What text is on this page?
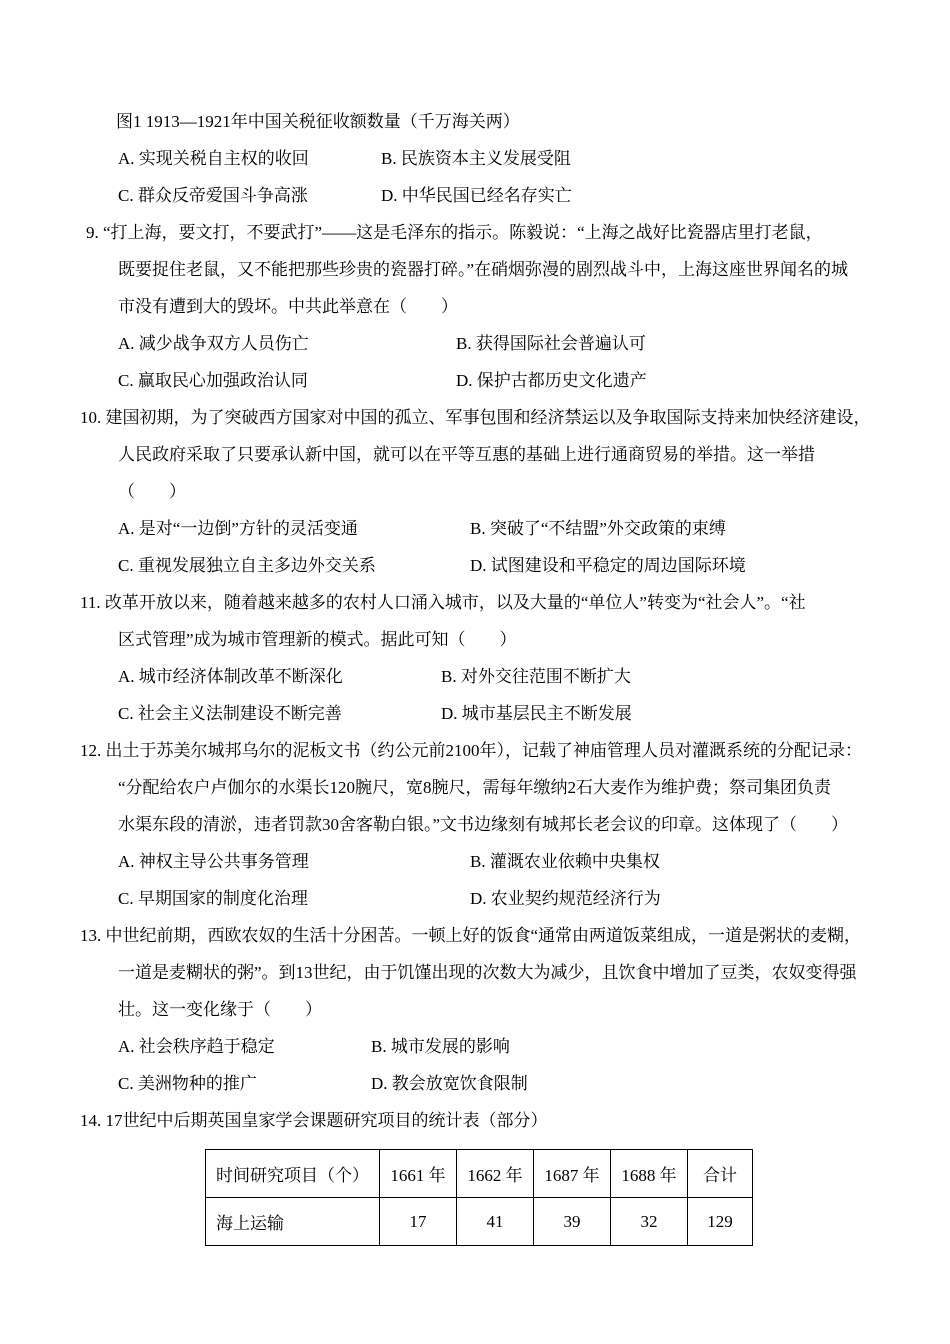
图1 1913—1921年中国关税征收额数量（千万海关两）
A. 实现关税自主权的收回	B. 民族资本主义发展受阻
C. 群众反帝爱国斗争高涨	D. 中华民国已经名存实亡
9. “打上海，要文打，不要武打”——这是毛泽东的指示。陈毅说：“上海之战好比瓷器店里打老鼠，
既要捉住老鼠，又不能把那些珍贵的瓷器打碎。”在硝烟弥漫的剧烈战斗中，上海这座世界闻名的城
市没有遭到大的毁坏。中共此举意在（　　）
A. 减少战争双方人员伤亡	B. 获得国际社会普遍认可
C. 赢取民心加强政治认同	D. 保护古都历史文化遗产
10. 建国初期，为了突破西方国家对中国的孤立、军事包围和经济禁运以及争取国际支持来加快经济建设，
人民政府采取了只要承认新中国，就可以在平等互惠的基础上进行通商贸易的举措。这一举措
（　　）
A. 是对“一边倒”方针的灵活变通	B. 突破了“不结盟”外交政策的束缚
C. 重视发展独立自主多边外交关系	D. 试图建设和平稳定的周边国际环境
11. 改革开放以来，随着越来越多的农村人口涌入城市，以及大量的“单位人”转变为“社会人”。“社
区式管理”成为城市管理新的模式。据此可知（　　）
A. 城市经济体制改革不断深化	B. 对外交往范围不断扩大
C. 社会主义法制建设不断完善	D. 城市基层民主不断发展
12. 出土于苏美尔城邦乌尔的泥板文书（约公元前2100年），记载了神庙管理人员对灌溉系统的分配记录：
“分配给农户卢伽尔的水渠长120腕尺，宽8腕尺，需每年缴纳2石大麦作为维护费；祭司集团负责
水渠东段的清淤，违者罚款30舍客勒白银。”文书边缘刻有城邦长老会议的印章。这体现了（　　）
A. 神权主导公共事务管理	B. 灌溉农业依赖中央集权
C. 早期国家的制度化治理	D. 农业契约规范经济行为
13. 中世纪前期，西欧农奴的生活十分困苦。一顿上好的饭食“通常由两道饭菜组成，一道是粥状的麦糊，
一道是麦糊状的粥”。到13世纪，由于饥馑出现的次数大为减少，且饮食中增加了豆类，农奴变得强
壮。这一变化缘于（　　）
A. 社会秩序趋于稳定	B. 城市发展的影响
C. 美洲物种的推广	D. 教会放宽饮食限制
14. 17世纪中后期英国皇家学会课题研究项目的统计表（部分）
时间研究项目（个）	1661 年	1662 年	1687 年	1688 年	合计
海上运输	17	41	39	32	129
